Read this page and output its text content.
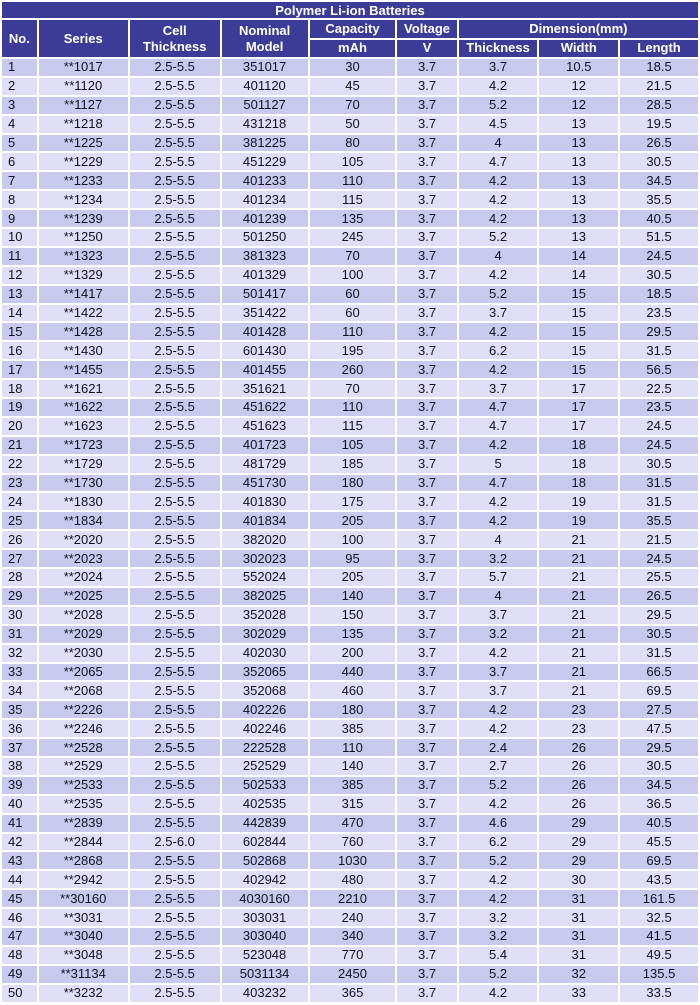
Polymer Li-ion Batteries								
No.	Series	Cell Thickness	Nominal Model	Capacity	Voltage	Dimension(mm)		
				mAh	V	Thickness	Width	Length
1	**1017	2.5-5.5	351017	30	3.7	3.7	10.5	18.5
2	**1120	2.5-5.5	401120	45	3.7	4.2	12	21.5
3	**1127	2.5-5.5	501127	70	3.7	5.2	12	28.5
4	**1218	2.5-5.5	431218	50	3.7	4.5	13	19.5
5	**1225	2.5-5.5	381225	80	3.7	4	13	26.5
6	**1229	2.5-5.5	451229	105	3.7	4.7	13	30.5
7	**1233	2.5-5.5	401233	110	3.7	4.2	13	34.5
8	**1234	2.5-5.5	401234	115	3.7	4.2	13	35.5
9	**1239	2.5-5.5	401239	135	3.7	4.2	13	40.5
10	**1250	2.5-5.5	501250	245	3.7	5.2	13	51.5
11	**1323	2.5-5.5	381323	70	3.7	4	14	24.5
12	**1329	2.5-5.5	401329	100	3.7	4.2	14	30.5
13	**1417	2.5-5.5	501417	60	3.7	5.2	15	18.5
14	**1422	2.5-5.5	351422	60	3.7	3.7	15	23.5
15	**1428	2.5-5.5	401428	110	3.7	4.2	15	29.5
16	**1430	2.5-5.5	601430	195	3.7	6.2	15	31.5
17	**1455	2.5-5.5	401455	260	3.7	4.2	15	56.5
18	**1621	2.5-5.5	351621	70	3.7	3.7	17	22.5
19	**1622	2.5-5.5	451622	110	3.7	4.7	17	23.5
20	**1623	2.5-5.5	451623	115	3.7	4.7	17	24.5
21	**1723	2.5-5.5	401723	105	3.7	4.2	18	24.5
22	**1729	2.5-5.5	481729	185	3.7	5	18	30.5
23	**1730	2.5-5.5	451730	180	3.7	4.7	18	31.5
24	**1830	2.5-5.5	401830	175	3.7	4.2	19	31.5
25	**1834	2.5-5.5	401834	205	3.7	4.2	19	35.5
26	**2020	2.5-5.5	382020	100	3.7	4	21	21.5
27	**2023	2.5-5.5	302023	95	3.7	3.2	21	24.5
28	**2024	2.5-5.5	552024	205	3.7	5.7	21	25.5
29	**2025	2.5-5.5	382025	140	3.7	4	21	26.5
30	**2028	2.5-5.5	352028	150	3.7	3.7	21	29.5
31	**2029	2.5-5.5	302029	135	3.7	3.2	21	30.5
32	**2030	2.5-5.5	402030	200	3.7	4.2	21	31.5
33	**2065	2.5-5.5	352065	440	3.7	3.7	21	66.5
34	**2068	2.5-5.5	352068	460	3.7	3.7	21	69.5
35	**2226	2.5-5.5	402226	180	3.7	4.2	23	27.5
36	**2246	2.5-5.5	402246	385	3.7	4.2	23	47.5
37	**2528	2.5-5.5	222528	110	3.7	2.4	26	29.5
38	**2529	2.5-5.5	252529	140	3.7	2.7	26	30.5
39	**2533	2.5-5.5	502533	385	3.7	5.2	26	34.5
40	**2535	2.5-5.5	402535	315	3.7	4.2	26	36.5
41	**2839	2.5-5.5	442839	470	3.7	4.6	29	40.5
42	**2844	2.5-6.0	602844	760	3.7	6.2	29	45.5
43	**2868	2.5-5.5	502868	1030	3.7	5.2	29	69.5
44	**2942	2.5-5.5	402942	480	3.7	4.2	30	43.5
45	**30160	2.5-5.5	4030160	2210	3.7	4.2	31	161.5
46	**3031	2.5-5.5	303031	240	3.7	3.2	31	32.5
47	**3040	2.5-5.5	303040	340	3.7	3.2	31	41.5
48	**3048	2.5-5.5	523048	770	3.7	5.4	31	49.5
49	**31134	2.5-5.5	5031134	2450	3.7	5.2	32	135.5
50	**3232	2.5-5.5	403232	365	3.7	4.2	33	33.5
